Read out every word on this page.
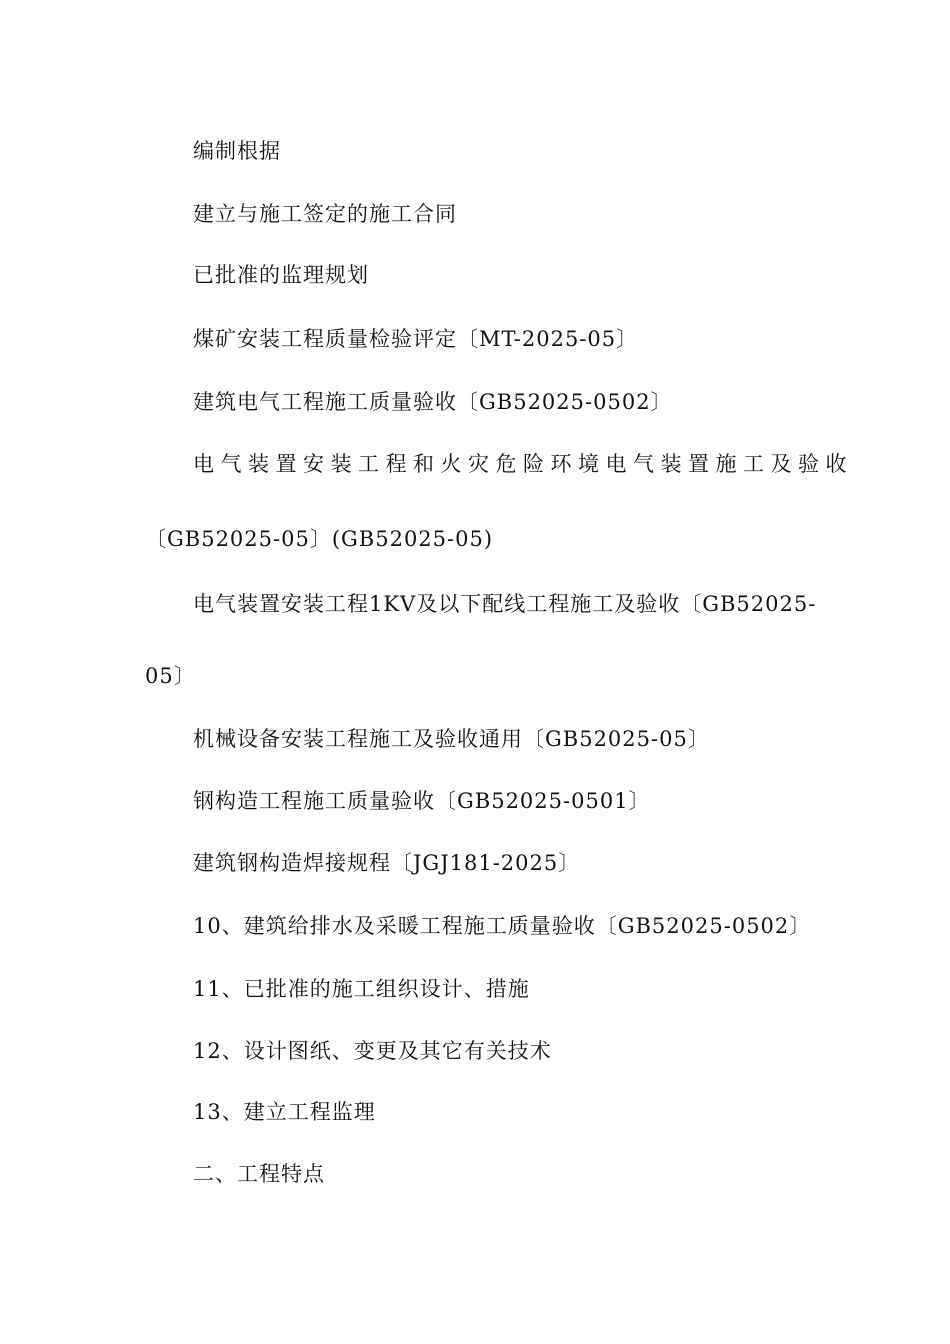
编制根据
建立与施工签定的施工合同
已批准的监理规划
煤矿安装工程质量检验评定〔MT-2025-05〕
建筑电气工程施工质量验收〔GB52025-0502〕
电气装置安装工程和火灾危险环境电气装置施工及验收
〔GB52025-05〕(GB52025-05)
电气装置安装工程1KV及以下配线工程施工及验收〔GB52025-
05〕
机械设备安装工程施工及验收通用〔GB52025-05〕
钢构造工程施工质量验收〔GB52025-0501〕
建筑钢构造焊接规程〔JGJ181-2025〕
10、建筑给排水及采暖工程施工质量验收〔GB52025-0502〕
11、已批准的施工组织设计、措施
12、设计图纸、变更及其它有关技术
13、建立工程监理
二、工程特点
